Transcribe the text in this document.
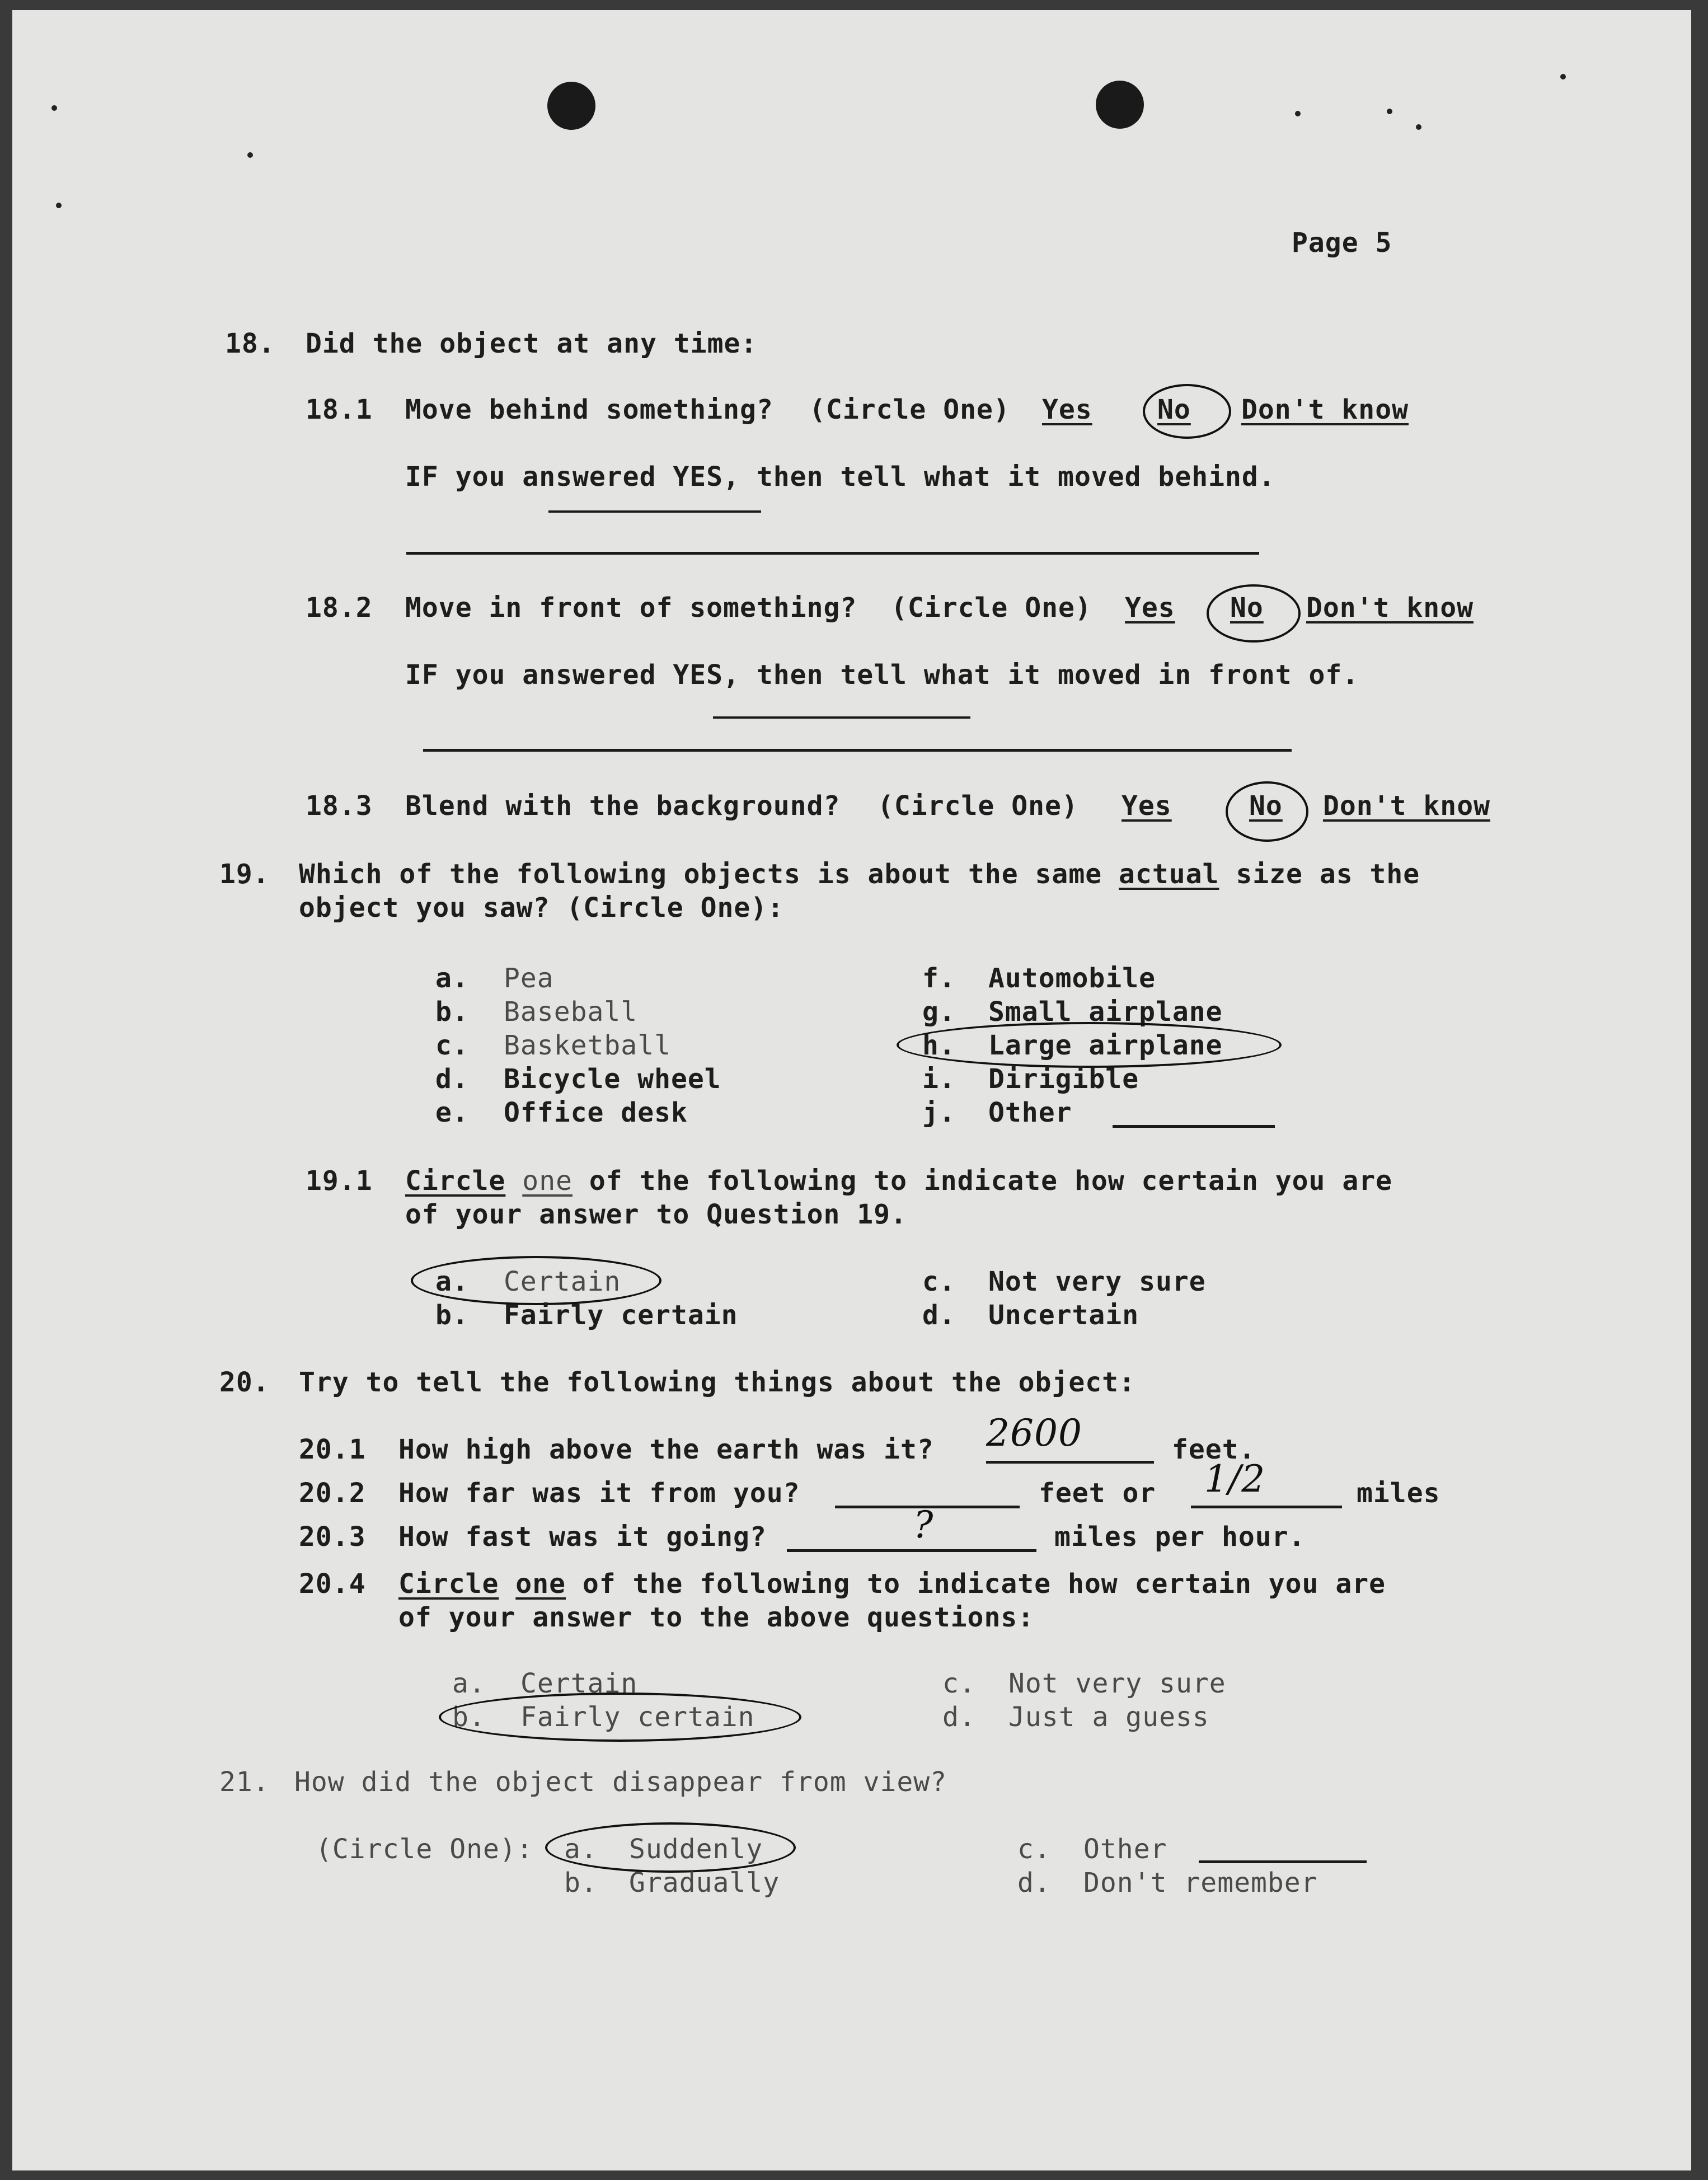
Page 5
18. Did the object at any time:
18.1 Move behind something? (Circle One) Yes No Don't know
IF you answered YES, then tell what it moved behind.
18.2 Move in front of something? (Circle One) Yes No Don't know
IF you answered YES, then tell what it moved in front of.
18.3 Blend with the background? (Circle One) Yes	No Don't know
19. Which of the following objects is about the same actual size as the
object you saw? (Circle One):
a. Pea
b. Baseball
c. Basketball
d. Bicycle wheel
e. Office desk
f. Automobile
g. Small airplane
h. Large airplane
i. Dirigible
j. Other
19.1 Circle one of the following to indicate how certain you are
of your answer to Question 19.
a. Certain
b. Fairly certain
c. Not very sure
d. Uncertain
20. Try to tell the following things about the object:
20.1 How high above the earth was it? 2600	feet.
20.2 How far was it from you?	feet or 1/2	miles
20.3 How fast was it going?	?	miles per hour.
20.4 Circle one of the following to indicate how certain you are
of your answer to the above questions:
a. Certain
b. Fairly certain
c. Not very sure
d. Just a guess
21. How did the object disappear from view?
(Circle One): a. Suddenly
b. Gradually
c. Other
d. Don't remember
